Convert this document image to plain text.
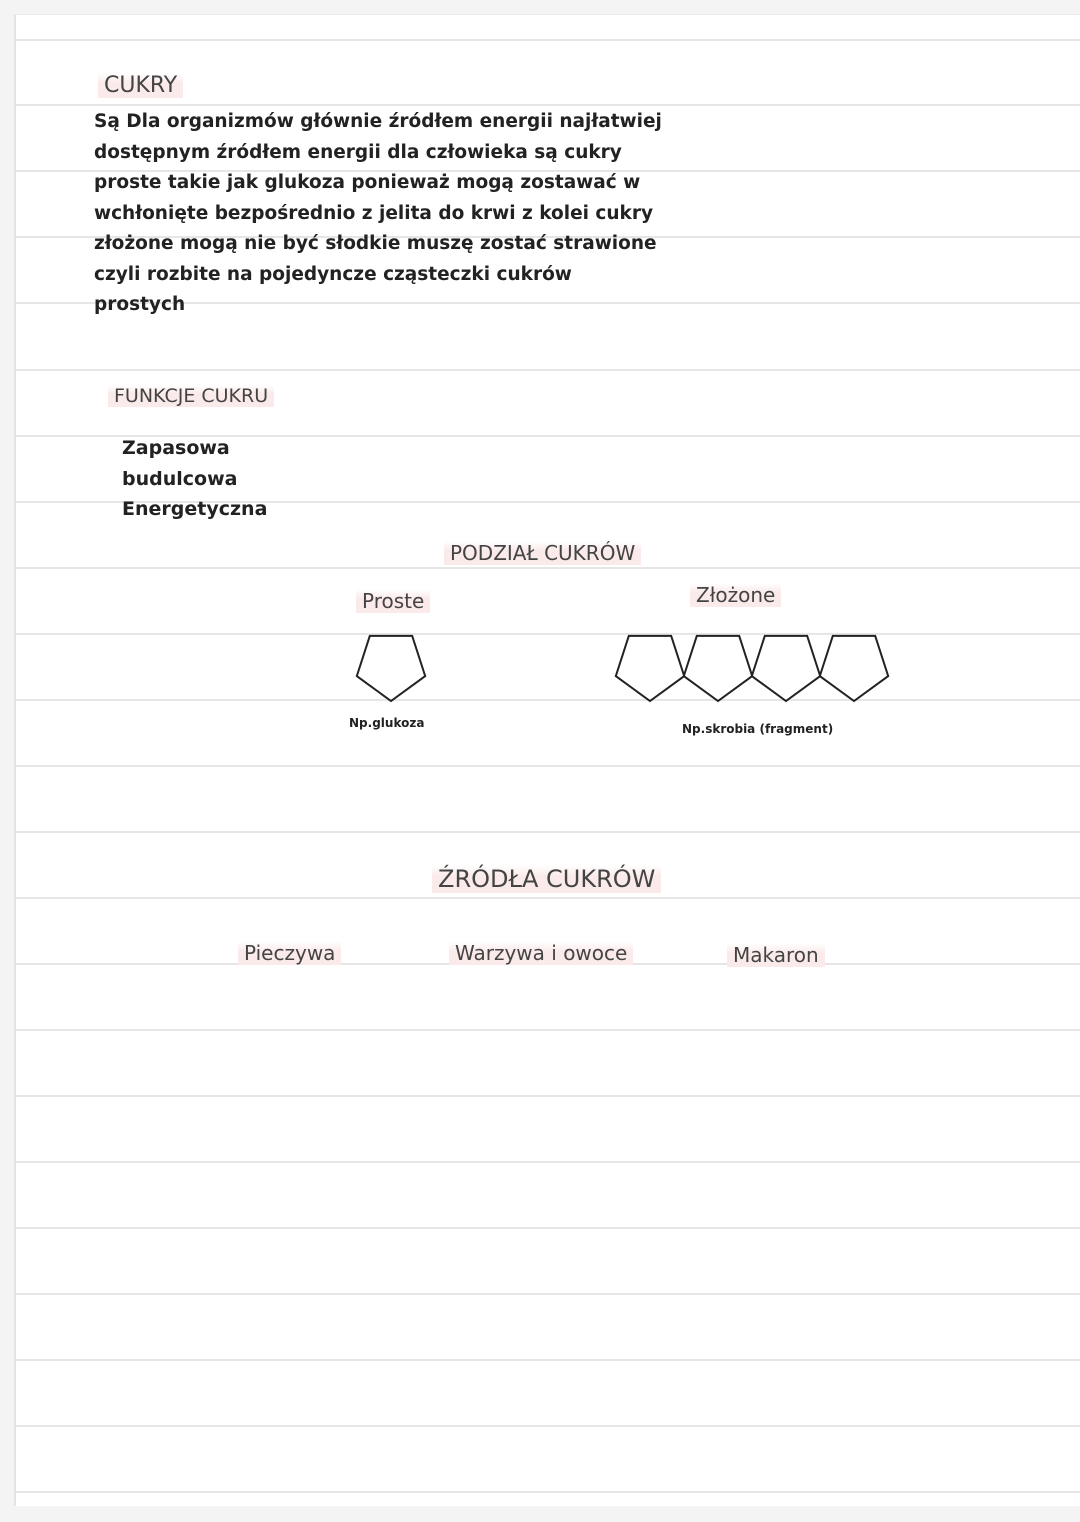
CUKRY

Są Dla organizmów głównie źródłem energii najłatwiej
dostępnym źródłem energii dla człowieka są cukry
proste takie jak glukoza ponieważ mogą zostawać w
wchłonięte bezpośrednio z jelita do krwi z kolei cukry
złożone mogą nie być słodkie muszę zostać strawione
czyli rozbite na pojedyncze cząsteczki cukrów
prostych

FUNKCJE CUKRU
Zapasowa
budulcowa
Energetyczna
PODZIAŁ CUKRÓW
Proste	Złożone
Np.glukoza	Np.skrobia (fragment)
ŹRÓDŁA CUKRÓW
Pieczywa	Warzywa i owoce	Makaron
